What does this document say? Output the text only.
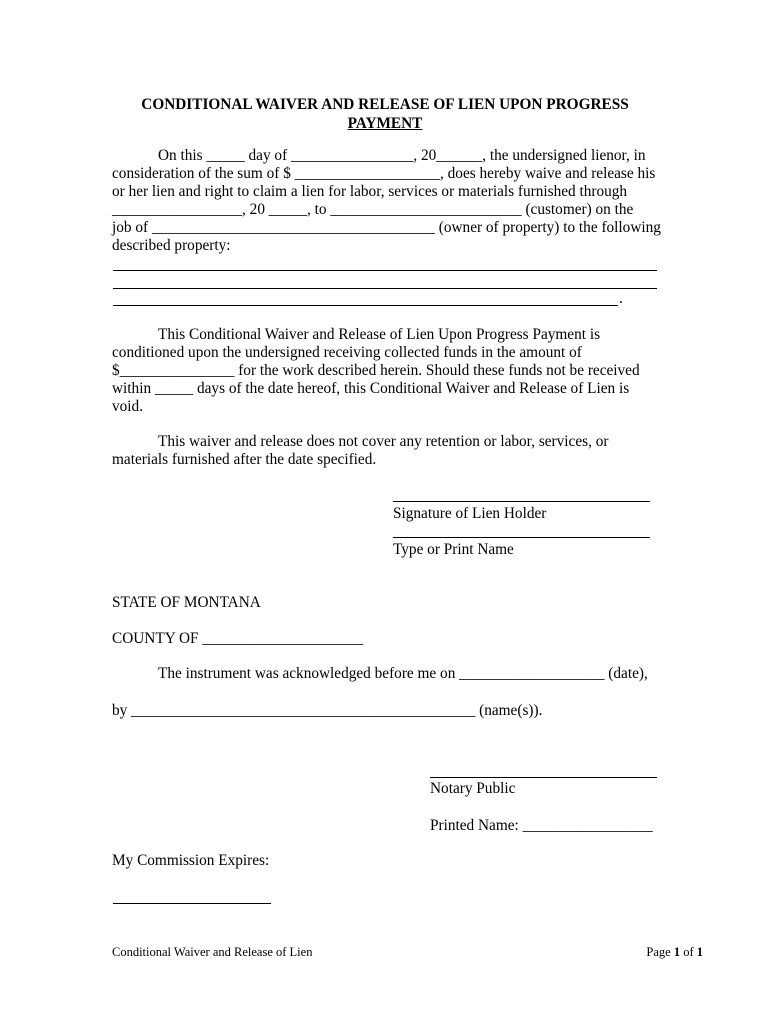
CONDITIONAL WAIVER AND RELEASE OF LIEN UPON PROGRESS
PAYMENT
On this _____ day of ________________, 20______, the undersigned lienor, in
consideration of the sum of $ ___________________, does hereby waive and release his
or her lien and right to claim a lien for labor, services or materials furnished through
_________________, 20 _____, to _________________________ (customer) on the
job of _____________________________________ (owner of property) to the following
described property:
.
This Conditional Waiver and Release of Lien Upon Progress Payment is
conditioned upon the undersigned receiving collected funds in the amount of
$_______________ for the work described herein. Should these funds not be received
within _____ days of the date hereof, this Conditional Waiver and Release of Lien is
void.
This waiver and release does not cover any retention or labor, services, or
materials furnished after the date specified.
Signature of Lien Holder
Type or Print Name
STATE OF MONTANA
COUNTY OF _____________________
The instrument was acknowledged before me on ___________________ (date),
by _____________________________________________ (name(s)).
Notary Public
Printed Name: _________________
My Commission Expires:
Conditional Waiver and Release of Lien	Page 1 of 1
